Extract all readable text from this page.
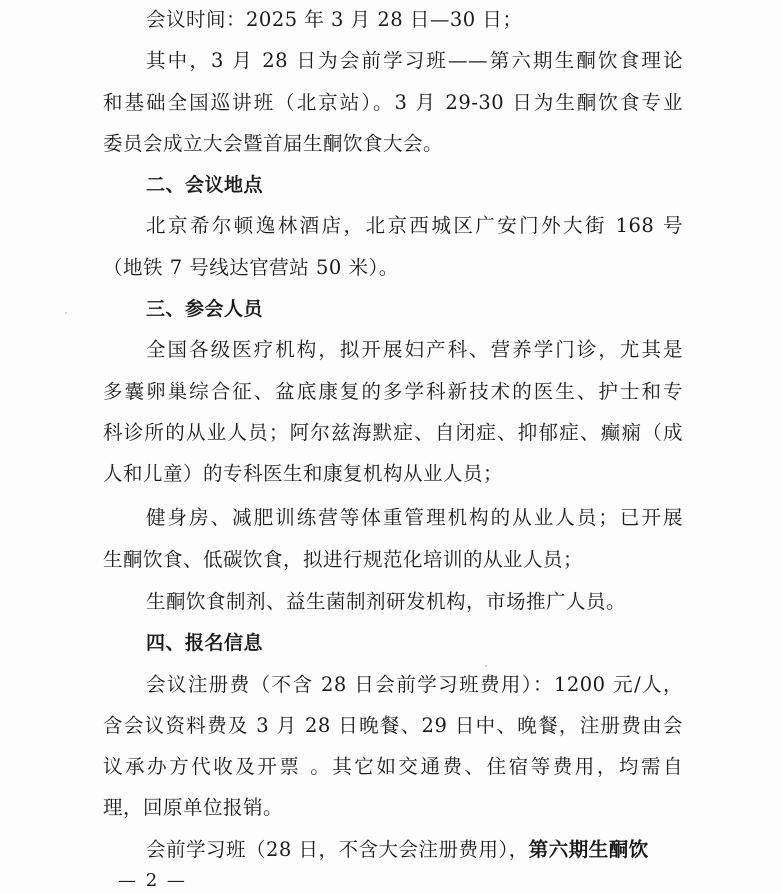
会议时间：2025 年 3 月 28 日—30 日；
其中，3 月 28 日为会前学习班——第六期生酮饮食理论
和基础全国巡讲班（北京站）。3 月 29-30 日为生酮饮食专业
委员会成立大会暨首届生酮饮食大会。
二、会议地点
北京希尔顿逸林酒店，北京西城区广安门外大街 168 号
（地铁 7 号线达官营站 50 米）。
三、参会人员
全国各级医疗机构，拟开展妇产科、营养学门诊，尤其是
多囊卵巢综合征、盆底康复的多学科新技术的医生、护士和专
科诊所的从业人员；阿尔兹海默症、自闭症、抑郁症、癫痫（成
人和儿童）的专科医生和康复机构从业人员；
健身房、减肥训练营等体重管理机构的从业人员；已开展
生酮饮食、低碳饮食，拟进行规范化培训的从业人员；
生酮饮食制剂、益生菌制剂研发机构，市场推广人员。
四、报名信息
会议注册费（不含 28 日会前学习班费用）：1200 元/人，
含会议资料费及 3 月 28 日晚餐、29 日中、晚餐，注册费由会
议承办方代收及开票 。其它如交通费、住宿等费用，均需自
理，回原单位报销。
会前学习班（28 日，不含大会注册费用），第六期生酮饮
— 2 —
